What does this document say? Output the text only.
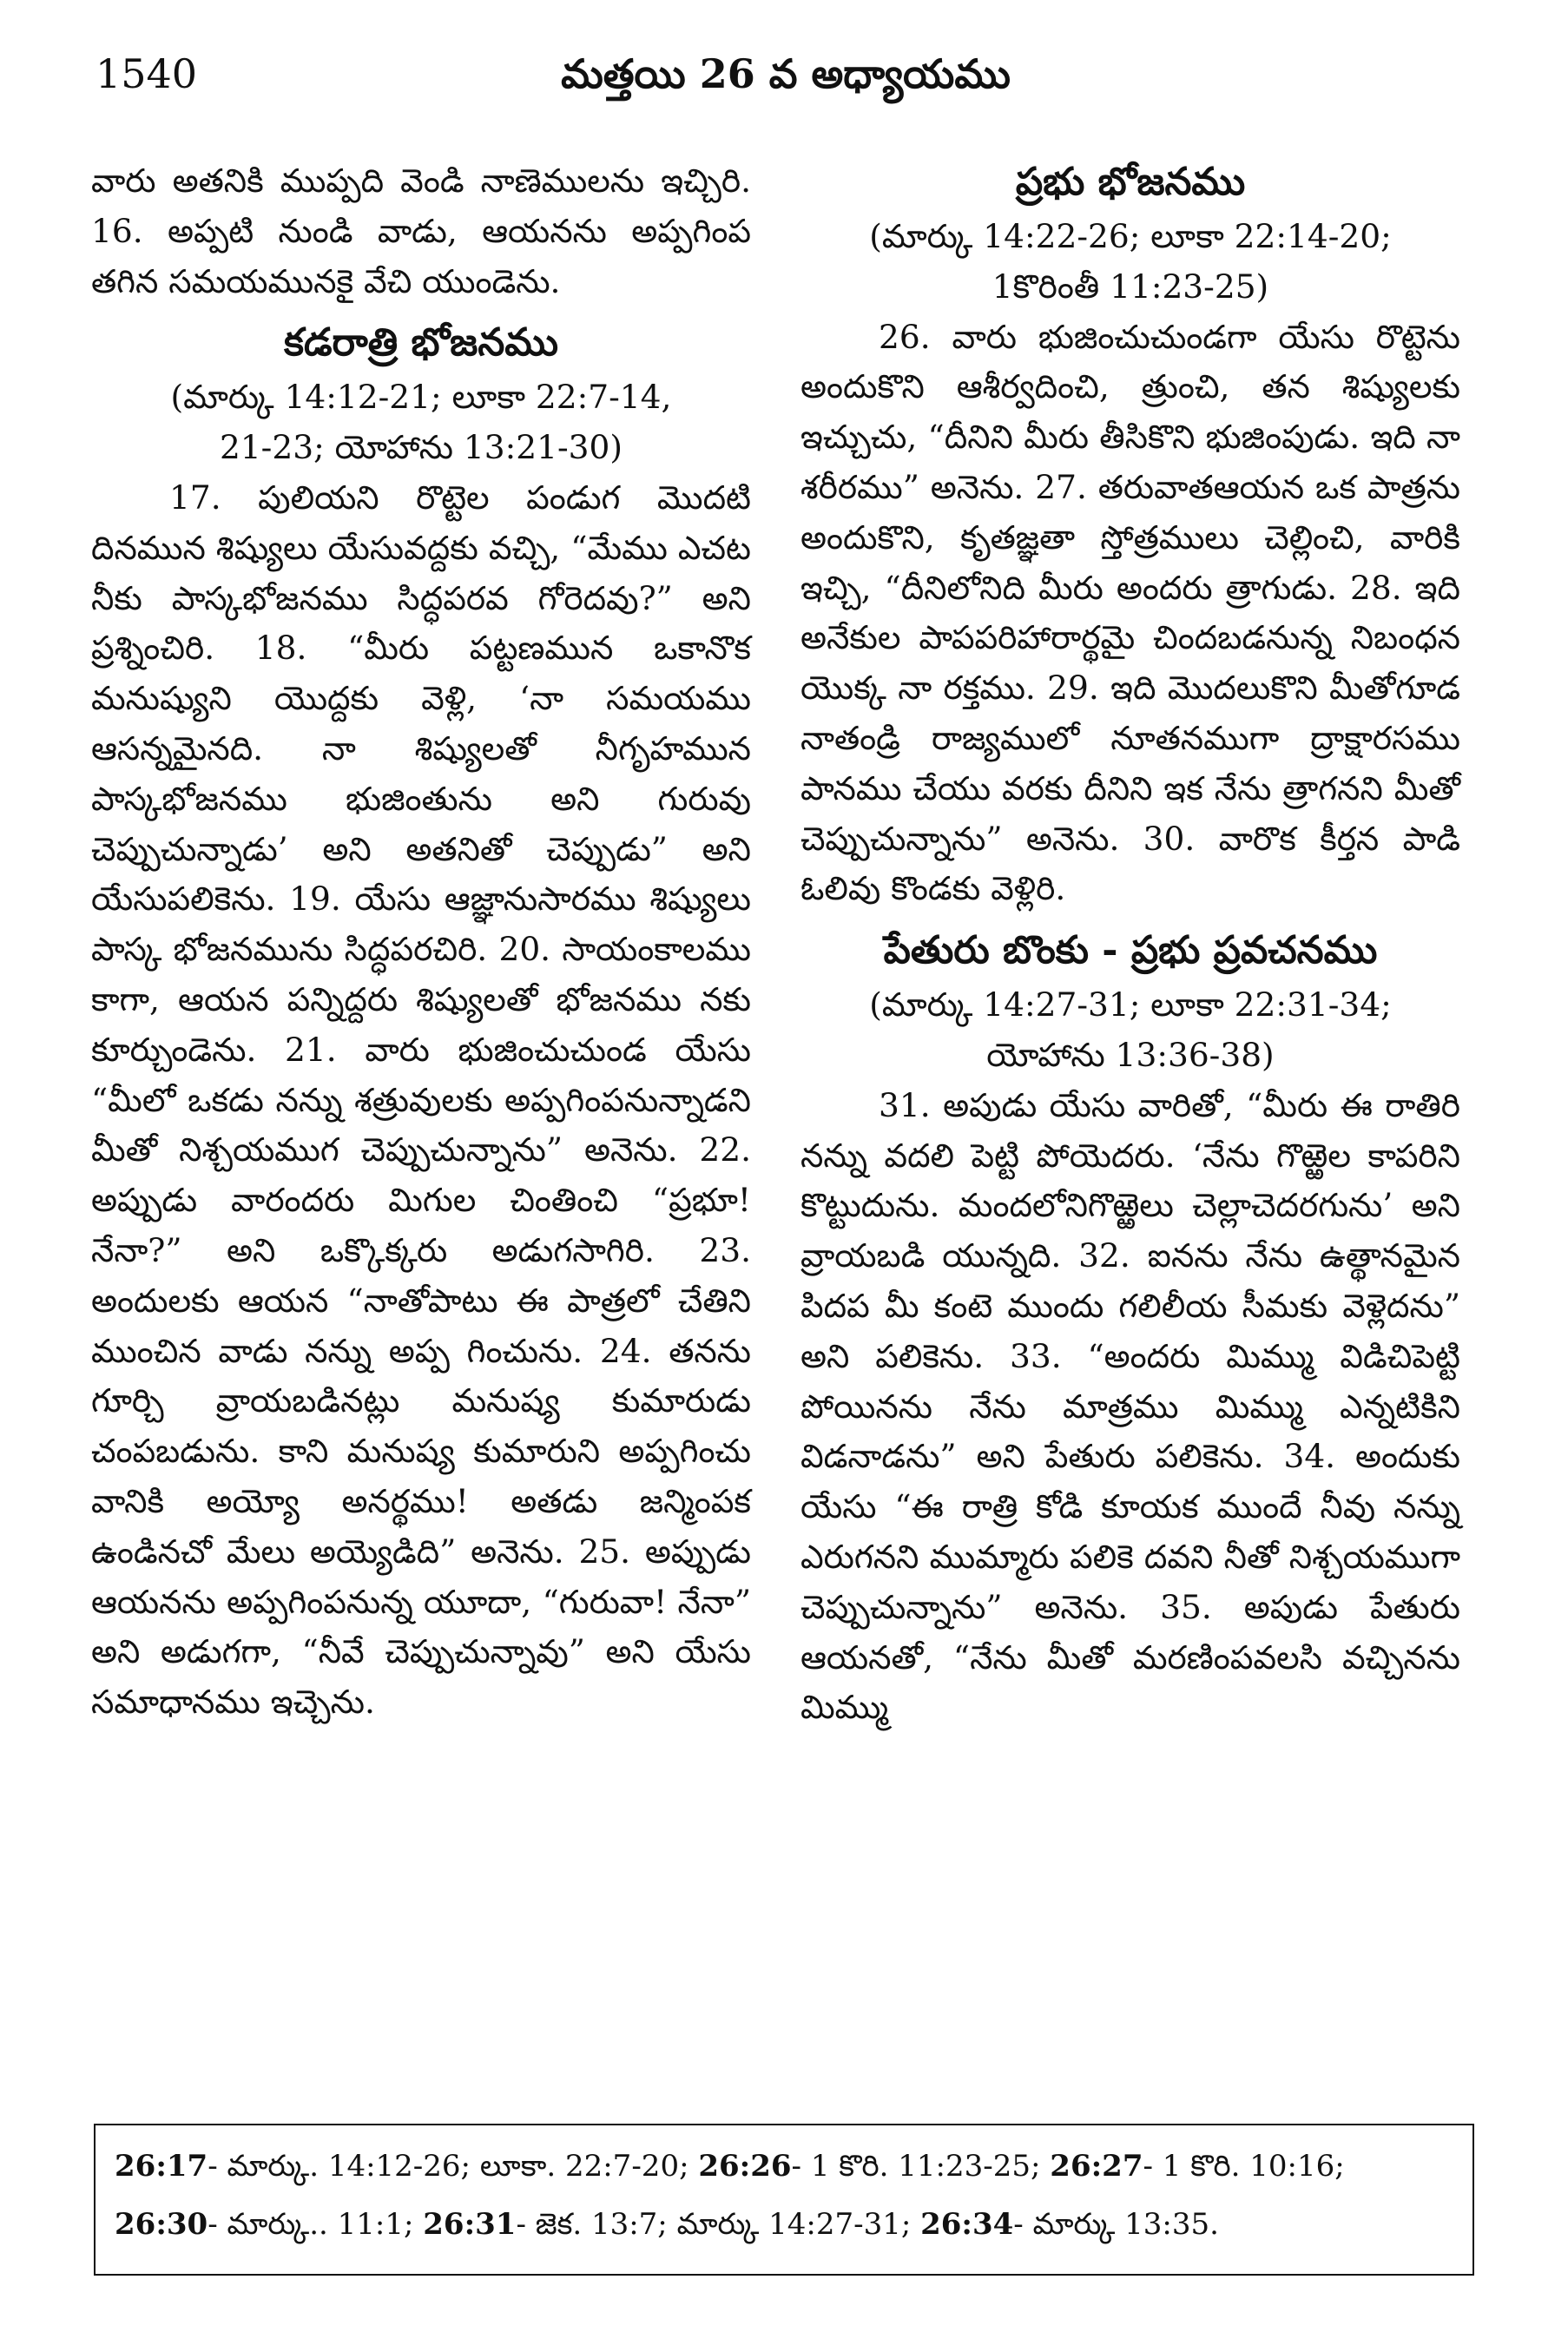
1540	మత్తయి 26 వ అధ్యాయము

వారు అతనికి ముప్పది వెండి నాణెములను ఇచ్చిరి. 16. అప్పటి నుండి వాడు, ఆయనను అప్పగింప తగిన సమయమునకై వేచి యుండెను.

కడరాత్రి భోజనము

(మార్కు 14:12-21; లూకా 22:7-14,

21-23; యోహాను 13:21-30)

17. పులియని రొట్టెల పండుగ మొదటి దినమున శిష్యులు యేసువద్దకు వచ్చి, “మేము ఎచట నీకు పాస్కభోజనము సిద్ధపరవ గోరెదవు?” అని ప్రశ్నించిరి. 18. “మీరు పట్టణమున ఒకానొక మనుష్యుని యొద్దకు వెళ్లి, ‘నా సమయము ఆసన్నమైనది. నా శిష్యులతో నీగృహమున పాస్కభోజనము భుజింతును అని గురువు చెప్పుచున్నాడు’ అని అతనితో చెప్పుడు” అని యేసుపలికెను. 19. యేసు ఆజ్ఞానుసారము శిష్యులు పాస్క భోజనమును సిద్ధపరచిరి. 20. సాయంకాలము కాగా, ఆయన పన్నిద్దరు శిష్యులతో భోజనము నకు కూర్చుండెను. 21. వారు భుజించుచుండ యేసు “మీలో ఒకడు నన్ను శత్రువులకు అప్పగింపనున్నాడని మీతో నిశ్చయముగ చెప్పుచున్నాను” అనెను. 22. అప్పుడు వారందరు మిగుల చింతించి “ప్రభూ! నేనా?” అని ఒక్కొక్కరు అడుగసాగిరి. 23. అందులకు ఆయన “నాతోపాటు ఈ పాత్రలో చేతిని ముంచిన వాడు నన్ను అప్ప గించును. 24. తనను గూర్చి వ్రాయబడినట్లు మనుష్య కుమారుడు చంపబడును. కాని మనుష్య కుమారుని అప్పగించు వానికి అయ్యో అనర్థము! అతడు జన్మింపక ఉండినచో మేలు అయ్యెడిది” అనెను. 25. అప్పుడు ఆయనను అప్పగింపనున్న యూదా, “గురువా! నేనా” అని అడుగగా, “నీవే చెప్పుచున్నావు” అని యేసు సమాధానము ఇచ్చెను.

ప్రభు భోజనము

(మార్కు 14:22-26; లూకా 22:14-20;

1కొరింతీ 11:23-25)

26. వారు భుజించుచుండగా యేసు రొట్టెను అందుకొని ఆశీర్వదించి, త్రుంచి, తన శిష్యులకు ఇచ్చుచు, “దీనిని మీరు తీసికొని భుజింపుడు. ఇది నా శరీరము” అనెను. 27. తరువాతఆయన ఒక పాత్రను అందుకొని, కృతజ్ఞతా స్తోత్రములు చెల్లించి, వారికి ఇచ్చి, “దీనిలోనిది మీరు అందరు త్రాగుడు. 28. ఇది అనేకుల పాపపరిహారార్థమై చిందబడనున్న నిబంధన యొక్క నా రక్తము. 29. ఇది మొదలుకొని మీతోగూడ నాతండ్రి రాజ్యములో నూతనముగా ద్రాక్షారసము పానము చేయు వరకు దీనిని ఇక నేను త్రాగనని మీతో చెప్పుచున్నాను” అనెను. 30. వారొక కీర్తన పాడి ఓలివు కొండకు వెళ్లిరి.

పేతురు బొంకు - ప్రభు ప్రవచనము

(మార్కు 14:27-31; లూకా 22:31-34;

యోహాను 13:36-38)

31. అపుడు యేసు వారితో, “మీరు ఈ రాతిరి నన్ను వదలి పెట్టి పోయెదరు. ‘నేను గొఱ్ఱెల కాపరిని కొట్టుదును. మందలోనిగొఱ్ఱెలు చెల్లాచెదరగును’ అని వ్రాయబడి యున్నది. 32. ఐనను నేను ఉత్థానమైన పిదప మీ కంటె ముందు గలిలీయ సీమకు వెళ్లెదను” అని పలికెను. 33. “అందరు మిమ్ము విడిచిపెట్టి పోయినను నేను మాత్రము మిమ్ము ఎన్నటికిని విడనాడను” అని పేతురు పలికెను. 34. అందుకు యేసు “ఈ రాత్రి కోడి కూయక ముందే నీవు నన్ను ఎరుగనని ముమ్మారు పలికె దవని నీతో నిశ్చయముగా చెప్పుచున్నాను” అనెను. 35. అపుడు పేతురు ఆయనతో, “నేను మీతో మరణింపవలసి వచ్చినను మిమ్ము

26:17- మార్కు. 14:12-26; లూకా. 22:7-20; 26:26- 1 కొరి. 11:23-25; 26:27- 1 కొరి. 10:16;

26:30- మార్కు.. 11:1; 26:31- జెక. 13:7; మార్కు 14:27-31; 26:34- మార్కు 13:35.
